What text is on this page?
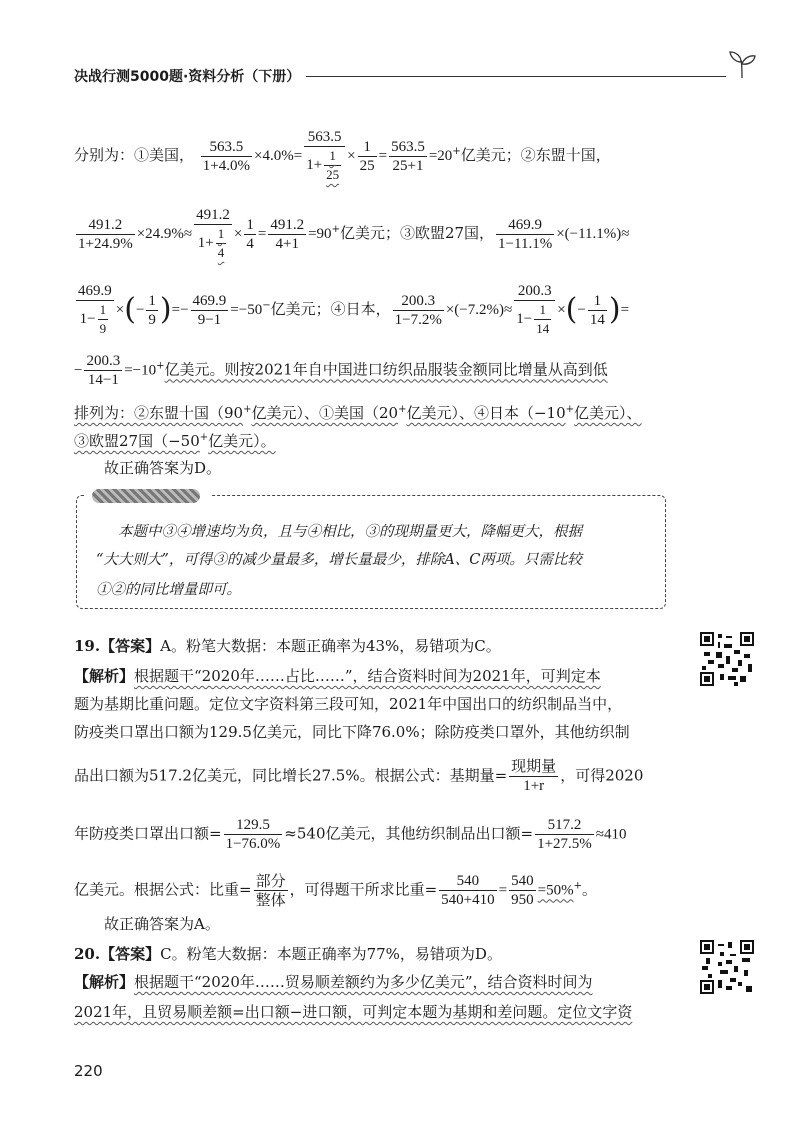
决战行测5000题·资料分析（下册）
分别为：①美国， $\frac{563.5}{1+4.0\%} \times 4.0\%= \frac{563.5}{1+ \frac{1}{25}} \times \frac{1}{25} = \frac{563.5}{25+1} =20^+$亿美元；②东盟十国，
$\frac{491.2}{1+24.9\%} \times 24.9\%\approx \frac{491.2}{1+ \frac{1}{4}} \times \frac{1}{4} = \frac{491.2}{4+1} =90^+$亿美元；③欧盟27国， $\frac{469.9}{1-11.1\%} \times(-11.1\%)\approx$
$\frac{469.9}{1- \frac{1}{9}}$ ×(− $\frac{1}{9}$ )=− $\frac{469.9}{9-1} =-50^-$亿美元；④日本， $\frac{200.3}{1-7.2\%} \times(-7.2\%)\approx \frac{200.3}{1- \frac{1}{14}}$ ×(− $\frac{1}{14}$ )=
− $\frac{200.3}{14-1} =-10^+$亿美元。则按2021年自中国进口纺织品服装金额同比增量从高到低
排列为：②东盟十国（90+亿美元）、①美国（20+亿美元）、④日本（−10+亿美元）、
③欧盟27国（−50+亿美元）。
故正确答案为D。
本题中③④增速均为负，且与④相比，③的现期量更大，降幅更大，根据
“大大则大”，可得③的减少量最多，增长量最少，排除A、C两项。只需比较
①②的同比增量即可。
19.【答案】A。粉笔大数据：本题正确率为43%，易错项为C。
【解析】根据题干“2020年……占比……”，结合资料时间为2021年，可判定本
题为基期比重问题。定位文字资料第三段可知，2021年中国出口的纺织制品当中，
防疫类口罩出口额为129.5亿美元，同比下降76.0%；除防疫类口罩外，其他纺织制
品出口额为517.2亿美元，同比增长27.5%。根据公式：基期量= $\frac{\text{现期量}}{1+r}$ ，可得2020
年防疫类口罩出口额= $\frac{129.5}{1-76.0\%} \approx 540$亿美元，其他纺织制品出口额= $\frac{517.2}{1+27.5\%} \approx 410$
亿美元。根据公式：比重= $\frac{\text{部分}}{\text{整体}}$ ，可得题干所求比重= $\frac{540}{540+410} = \frac{540}{950} =50\%^+$。
故正确答案为A。
20.【答案】C。粉笔大数据：本题正确率为77%，易错项为D。
【解析】根据题干“2020年……贸易顺差额约为多少亿美元”，结合资料时间为
2021年，且贸易顺差额=出口额−进口额，可判定本题为基期和差问题。定位文字资
220
